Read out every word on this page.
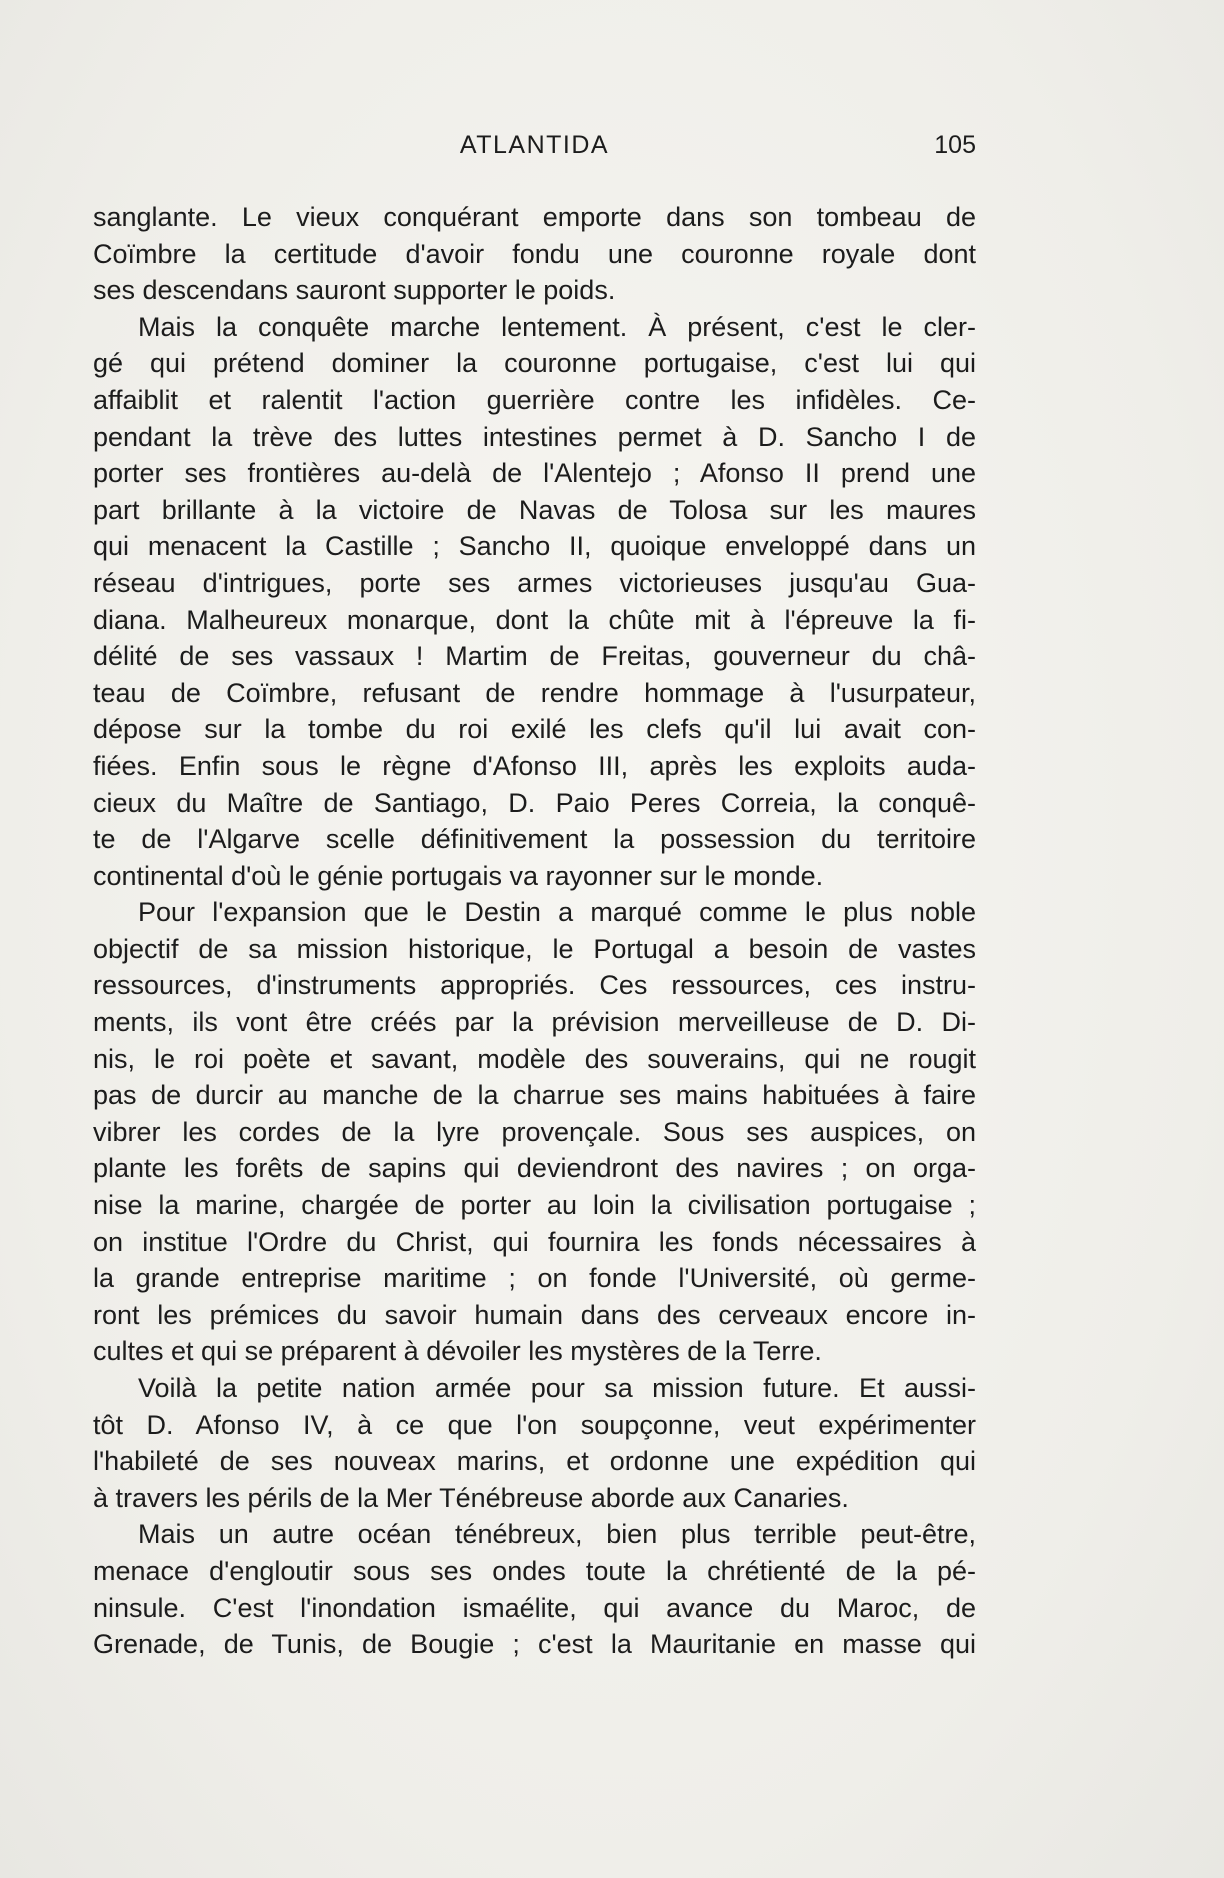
ATLANTIDA	105
sanglante. Le vieux conquérant emporte dans son tombeau de
Coïmbre la certitude d'avoir fondu une couronne royale dont
ses descendans sauront supporter le poids.
Mais la conquête marche lentement. À présent, c'est le cler-
gé qui prétend dominer la couronne portugaise, c'est lui qui
affaiblit et ralentit l'action guerrière contre les infidèles. Ce-
pendant la trève des luttes intestines permet à D. Sancho I de
porter ses frontières au-delà de l'Alentejo ; Afonso II prend une
part brillante à la victoire de Navas de Tolosa sur les maures
qui menacent la Castille ; Sancho II, quoique enveloppé dans un
réseau d'intrigues, porte ses armes victorieuses jusqu'au Gua-
diana. Malheureux monarque, dont la chûte mit à l'épreuve la fi-
délité de ses vassaux ! Martim de Freitas, gouverneur du châ-
teau de Coïmbre, refusant de rendre hommage à l'usurpateur,
dépose sur la tombe du roi exilé les clefs qu'il lui avait con-
fiées. Enfin sous le règne d'Afonso III, après les exploits auda-
cieux du Maître de Santiago, D. Paio Peres Correia, la conquê-
te de l'Algarve scelle définitivement la possession du territoire
continental d'où le génie portugais va rayonner sur le monde.
Pour l'expansion que le Destin a marqué comme le plus noble
objectif de sa mission historique, le Portugal a besoin de vastes
ressources, d'instruments appropriés. Ces ressources, ces instru-
ments, ils vont être créés par la prévision merveilleuse de D. Di-
nis, le roi poète et savant, modèle des souverains, qui ne rougit
pas de durcir au manche de la charrue ses mains habituées à faire
vibrer les cordes de la lyre provençale. Sous ses auspices, on
plante les forêts de sapins qui deviendront des navires ; on orga-
nise la marine, chargée de porter au loin la civilisation portugaise ;
on institue l'Ordre du Christ, qui fournira les fonds nécessaires à
la grande entreprise maritime ; on fonde l'Université, où germe-
ront les prémices du savoir humain dans des cerveaux encore in-
cultes et qui se préparent à dévoiler les mystères de la Terre.
Voilà la petite nation armée pour sa mission future. Et aussi-
tôt D. Afonso IV, à ce que l'on soupçonne, veut expérimenter
l'habileté de ses nouveax marins, et ordonne une expédition qui
à travers les périls de la Mer Ténébreuse aborde aux Canaries.
Mais un autre océan ténébreux, bien plus terrible peut-être,
menace d'engloutir sous ses ondes toute la chrétienté de la pé-
ninsule. C'est l'inondation ismaélite, qui avance du Maroc, de
Grenade, de Tunis, de Bougie ; c'est la Mauritanie en masse qui
